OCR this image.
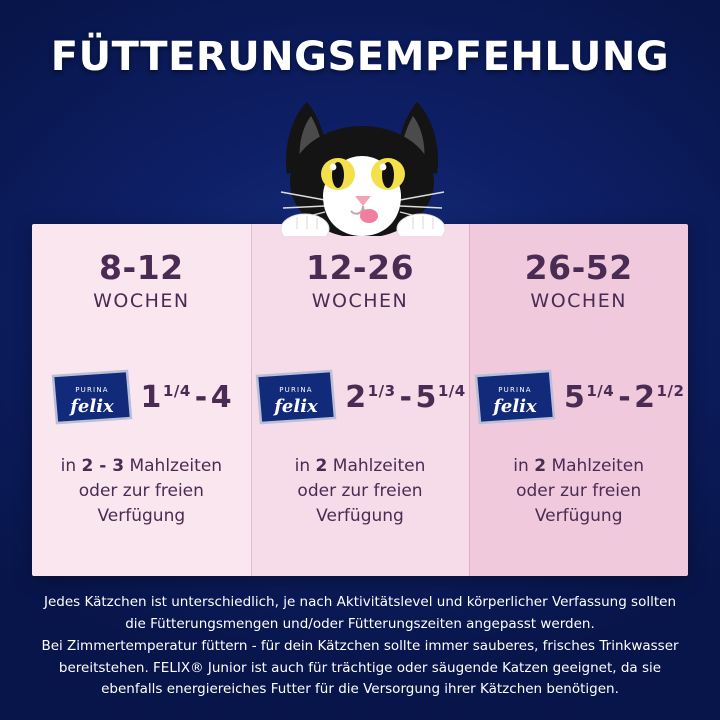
FÜTTERUNGSEMPFEHLUNG
8-12
WOCHEN
PURINA
felix 1 1/4 - 4
in 2 - 3 Mahlzeiten
oder zur freien
Verfügung
12-26
WOCHEN
PURINA
felix 2 1/3 - 5 1/4
in 2 Mahlzeiten
oder zur freien
Verfügung
26-52
WOCHEN
PURINA
felix 5 1/4 - 2 1/2
in 2 Mahlzeiten
oder zur freien
Verfügung
Jedes Kätzchen ist unterschiedlich, je nach Aktivitätslevel und körperlicher Verfassung sollten
die Fütterungsmengen und/oder Fütterungszeiten angepasst werden.
Bei Zimmertemperatur füttern - für dein Kätzchen sollte immer sauberes, frisches Trinkwasser
bereitstehen. FELIX® Junior ist auch für trächtige oder säugende Katzen geeignet, da sie
ebenfalls energiereiches Futter für die Versorgung ihrer Kätzchen benötigen.
